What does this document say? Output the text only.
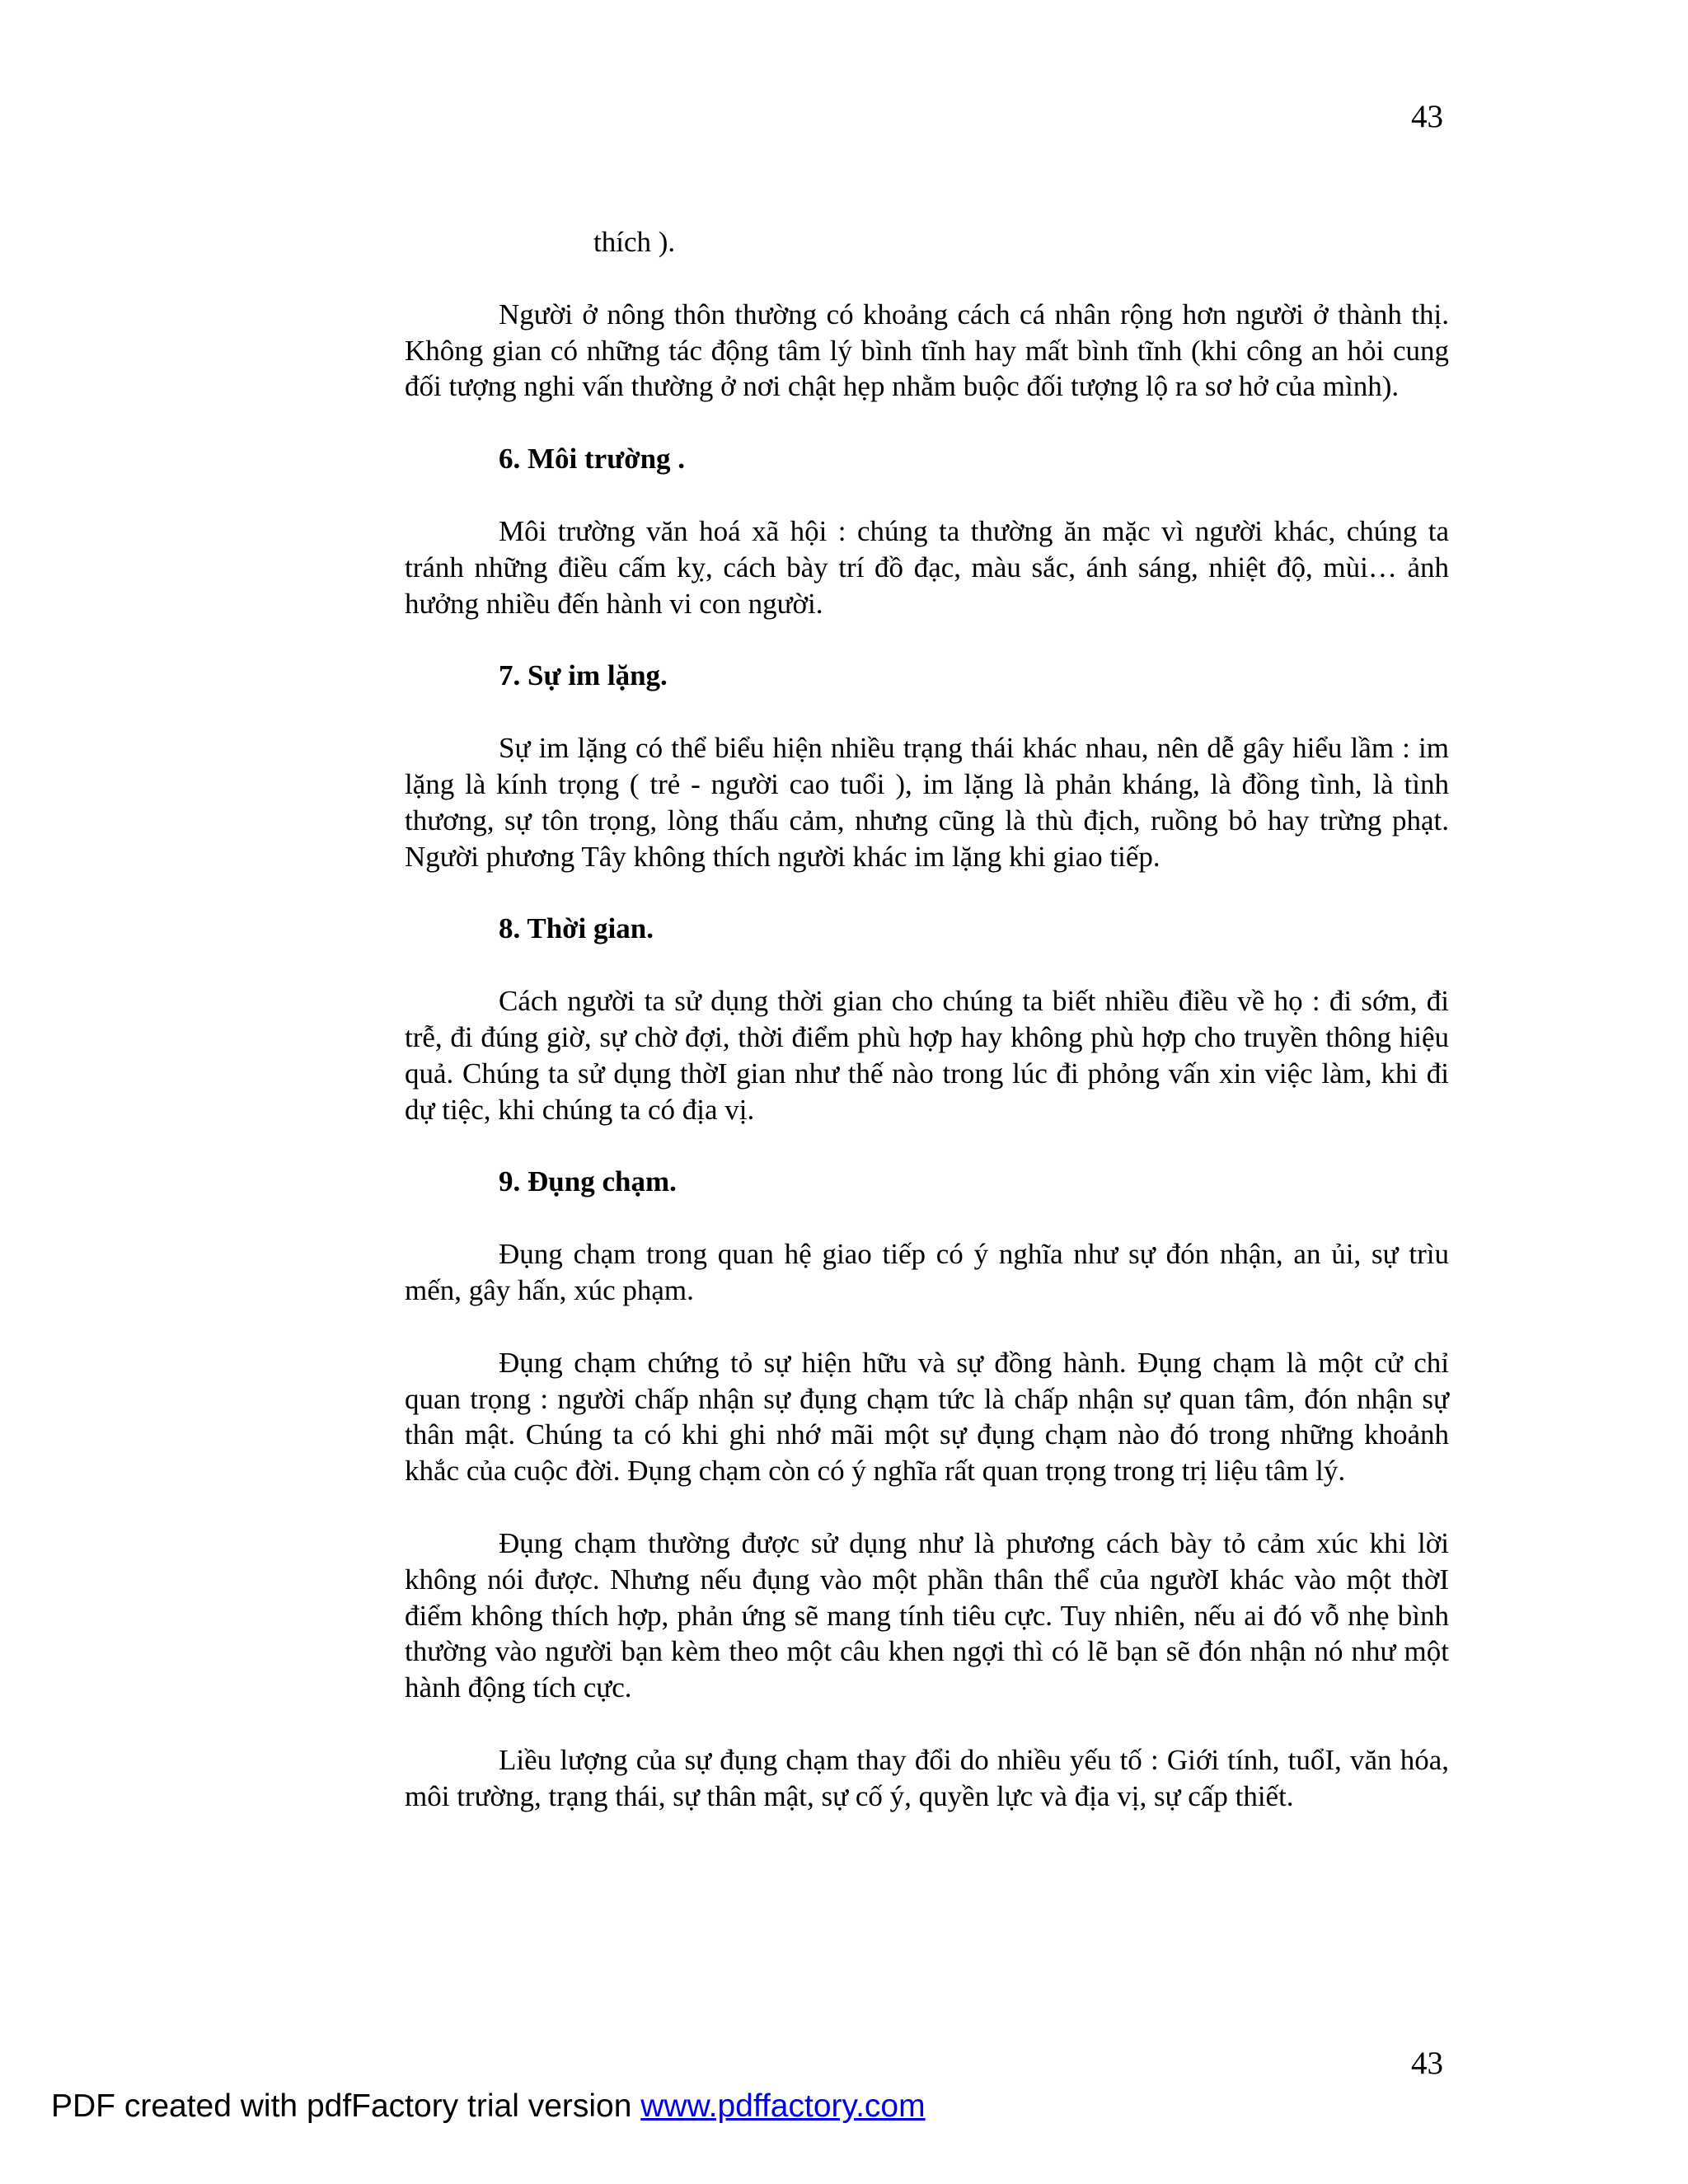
43

thích ).

Người ở nông thôn thường có khoảng cách cá nhân rộng hơn người ở thành thị. Không gian có những tác động tâm lý bình tĩnh hay mất bình tĩnh (khi công an hỏi cung đối tượng nghi vấn thường ở nơi chật hẹp nhằm buộc đối tượng lộ ra sơ hở của mình).

6. Môi trường .

Môi trường văn hoá xã hội : chúng ta thường ăn mặc vì người khác, chúng ta tránh những điều cấm kỵ, cách bày trí đồ đạc, màu sắc, ánh sáng, nhiệt độ, mùi… ảnh hưởng nhiều đến hành vi con người.

7. Sự im lặng.

Sự im lặng có thể biểu hiện nhiều trạng thái khác nhau, nên dễ gây hiểu lầm : im lặng là kính trọng ( trẻ - người cao tuổi ), im lặng là phản kháng, là đồng tình, là tình thương, sự tôn trọng, lòng thấu cảm, nhưng cũng là thù địch, ruồng bỏ hay trừng phạt. Người phương Tây không thích người khác im lặng khi giao tiếp.

8. Thời gian.

Cách người ta sử dụng thời gian cho chúng ta biết nhiều điều về họ : đi sớm, đi trễ, đi đúng giờ, sự chờ đợi, thời điểm phù hợp hay không phù hợp cho truyền thông hiệu quả. Chúng ta sử dụng thờI gian như thế nào trong lúc đi phỏng vấn xin việc làm, khi đi dự tiệc, khi chúng ta có địa vị.

9. Đụng chạm.

Đụng chạm trong quan hệ giao tiếp có ý nghĩa như sự đón nhận, an ủi, sự trìu mến, gây hấn, xúc phạm.

Đụng chạm chứng tỏ sự hiện hữu và sự đồng hành. Đụng chạm là một cử chỉ quan trọng : người chấp nhận sự đụng chạm tức là chấp nhận sự quan tâm, đón nhận sự thân mật. Chúng ta có khi ghi nhớ mãi một sự đụng chạm nào đó trong những khoảnh khắc của cuộc đời. Đụng chạm còn có ý nghĩa rất quan trọng trong trị liệu tâm lý.

Đụng chạm thường được sử dụng như là phương cách bày tỏ cảm xúc khi lời không nói được. Nhưng nếu đụng vào một phần thân thể của ngườI khác vào một thờI điểm không thích hợp, phản ứng sẽ mang tính tiêu cực. Tuy nhiên, nếu ai đó vỗ nhẹ bình thường vào người bạn kèm theo một câu khen ngợi thì có lẽ bạn sẽ đón nhận nó như một hành động tích cực.

Liều lượng của sự đụng chạm thay đổi do nhiều yếu tố : Giới tính, tuổI, văn hóa, môi trường, trạng thái, sự thân mật, sự cố ý, quyền lực và địa vị, sự cấp thiết.

43
PDF created with pdfFactory trial version www.pdffactory.com
